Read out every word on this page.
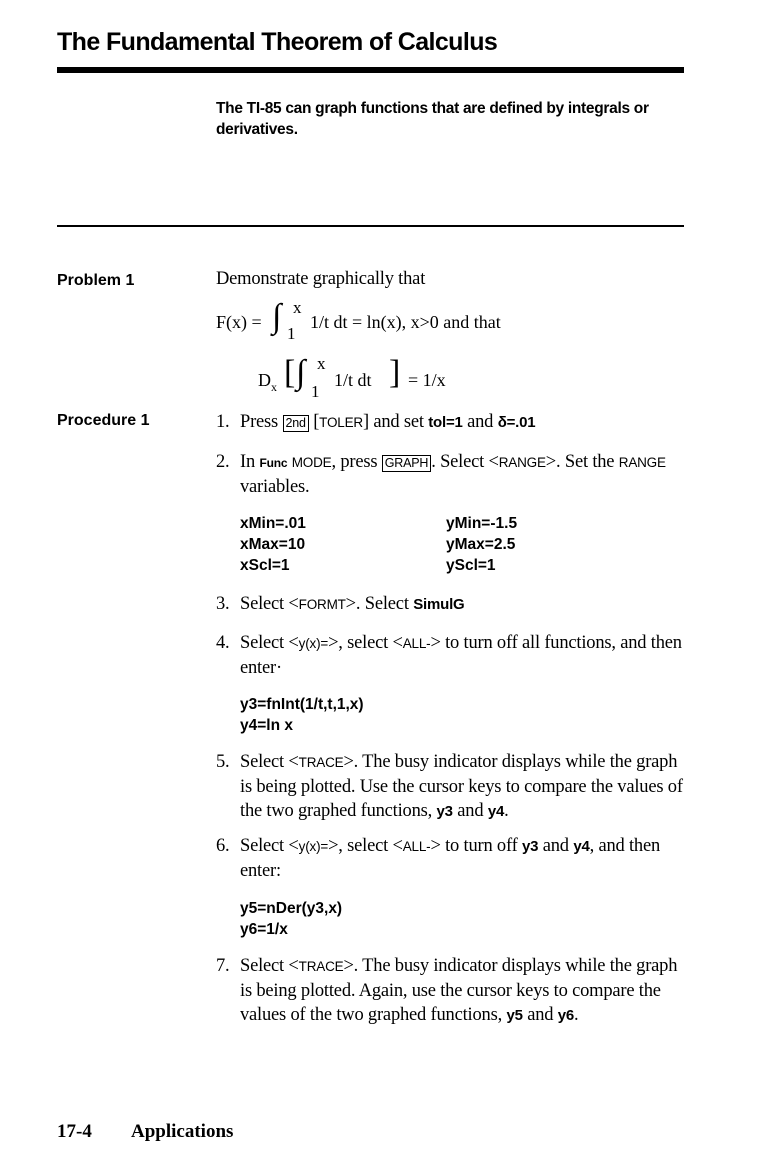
The Fundamental Theorem of Calculus
The TI-85 can graph functions that are defined by integrals or derivatives.
Problem 1	Demonstrate graphically that
F(x) = ∫ x
1
1/t dt = ln(x), x>0 and that
D x [ ∫ x
1
1/t dt ] = 1/x
Procedure 1	1. Press 2nd [TOLER] and set tol=1 and δ=.01
2. In Func MODE, press GRAPH . Select <RANGE>. Set the RANGE variables.
3. Select <FORMT>. Select SimulG
4. Select <y(x)=>, select <ALL-> to turn off all functions, and then enter·
5. Select <TRACE>. The busy indicator displays while the graph is being plotted. Use the cursor keys to compare the values of the two graphed functions, y3 and y4.
6. Select <y(x)=>, select <ALL-> to turn off y3 and y4, and then enter:
7. Select <TRACE>. The busy indicator displays while the graph is being plotted. Again, use the cursor keys to compare the values of the two graphed functions, y5 and y6.
xMin=.01
xMax=10
xScl=1
yMin=-1.5
yMax=2.5
yScl=1
y3=fnInt(1/t,t,1,x)
y4=ln x
y5=nDer(y3,x)
y6=1/x
17-4 Applications
